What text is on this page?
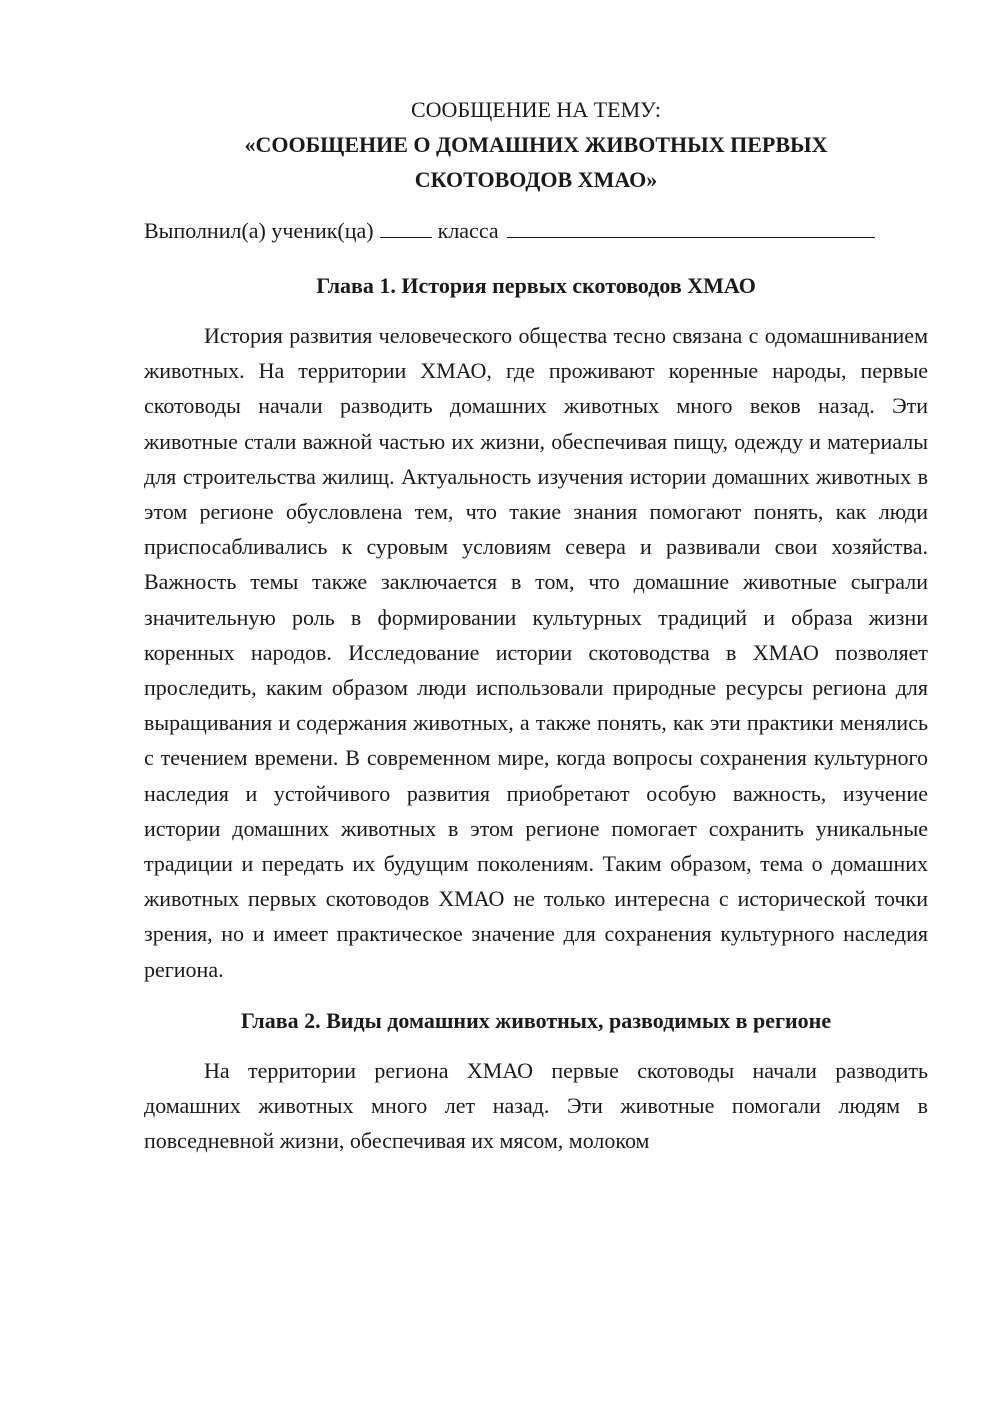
СООБЩЕНИЕ НА ТЕМУ:

«СООБЩЕНИЕ О ДОМАШНИХ ЖИВОТНЫХ ПЕРВЫХ

СКОТОВОДОВ ХМАО»

Выполнил(а) ученик(ца)	класса

Глава 1. История первых скотоводов ХМАО

История развития человеческого общества тесно связана с одомашниванием животных. На территории ХМАО, где проживают коренные народы, первые скотоводы начали разводить домашних животных много веков назад. Эти животные стали важной частью их жизни, обеспечивая пищу, одежду и материалы для строительства жилищ. Актуальность изучения истории домашних животных в этом регионе обусловлена тем, что такие знания помогают понять, как люди приспосабливались к суровым условиям севера и развивали свои хозяйства. Важность темы также заключается в том, что домашние животные сыграли значительную роль в формировании культурных традиций и образа жизни коренных народов. Исследование истории скотоводства в ХМАО позволяет проследить, каким образом люди использовали природные ресурсы региона для выращивания и содержания животных, а также понять, как эти практики менялись с течением времени. В современном мире, когда вопросы сохранения культурного наследия и устойчивого развития приобретают особую важность, изучение истории домашних животных в этом регионе помогает сохранить уникальные традиции и передать их будущим поколениям. Таким образом, тема о домашних животных первых скотоводов ХМАО не только интересна с исторической точки зрения, но и имеет практическое значение для сохранения культурного наследия региона.

Глава 2. Виды домашних животных, разводимых в регионе

На территории региона ХМАО первые скотоводы начали разводить домашних животных много лет назад. Эти животные помогали людям в повседневной жизни, обеспечивая их мясом, молоком
